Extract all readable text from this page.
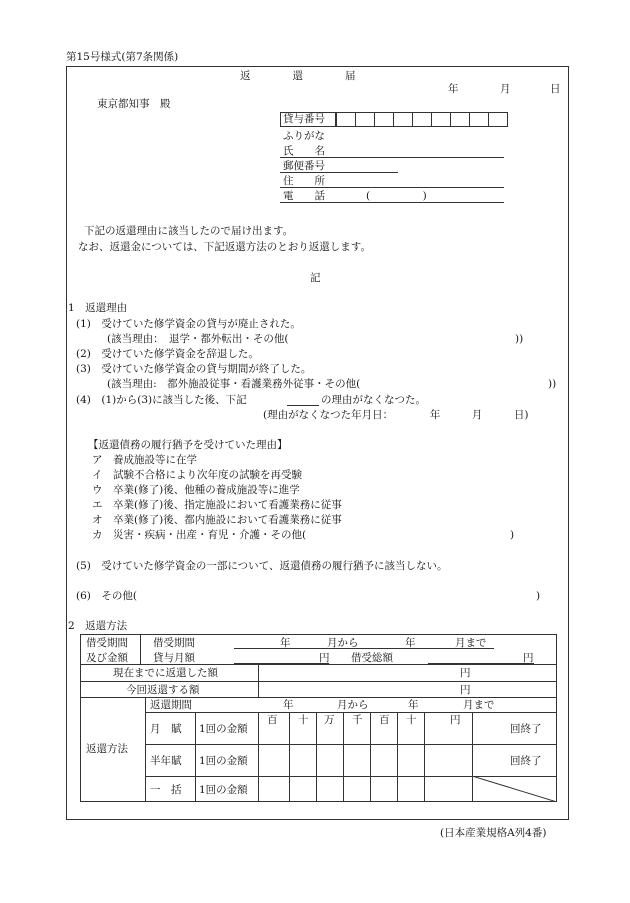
第15号様式(第7条関係)
返　　　　還　　　　届
年	月	日
東京都知事　殿
貸与番号

ふりがな
氏　　名
郵便番号
住　　所
電　　話	(　　　　　)
下記の返還理由に該当したので届け出ます。
なお、返還金については、下記返還方法のとおり返還します。
記
1　返還理由
(1)　受けていた修学資金の貸与が廃止された。
(該当理由：　退学・都外転出・その他(	))
(2)　受けていた修学資金を辞退した。
(3)　受けていた修学資金の貸与期間が終了した。
(該当理由:　都外施設従事・看護業務外従事・その他(	))
(4)　(1)から(3)に該当した後、下記	の理由がなくなつた。
(理由がなくなつた年月日：　　　　年　　　月　　　日)
【返還債務の履行猶予を受けていた理由】
ア　養成施設等に在学
イ　試験不合格により次年度の試験を再受験
ウ　卒業(修了)後、他種の養成施設等に進学
エ　卒業(修了)後、指定施設において看護業務に従事
オ　卒業(修了)後、都内施設において看護業務に従事
カ　災害・疾病・出産・育児・介護・その他(	)
(5)　受けていた修学資金の一部について、返還債務の履行猶予に該当しない。
(6)　その他(	)
2　返還方法
借受期間
及び金額
借受期間	年	月から	年	月まで
貸与月額	円 借受総額	円
現在までに返還した額	円
今回返還する額	円
返還方法
返還期間	年	月から	年	月まで
百 十 万 千 百 十	円
月　賦 1回の金額	回終了
半年賦 1回の金額	回終了
一　括 1回の金額
(日本産業規格A列4番)
